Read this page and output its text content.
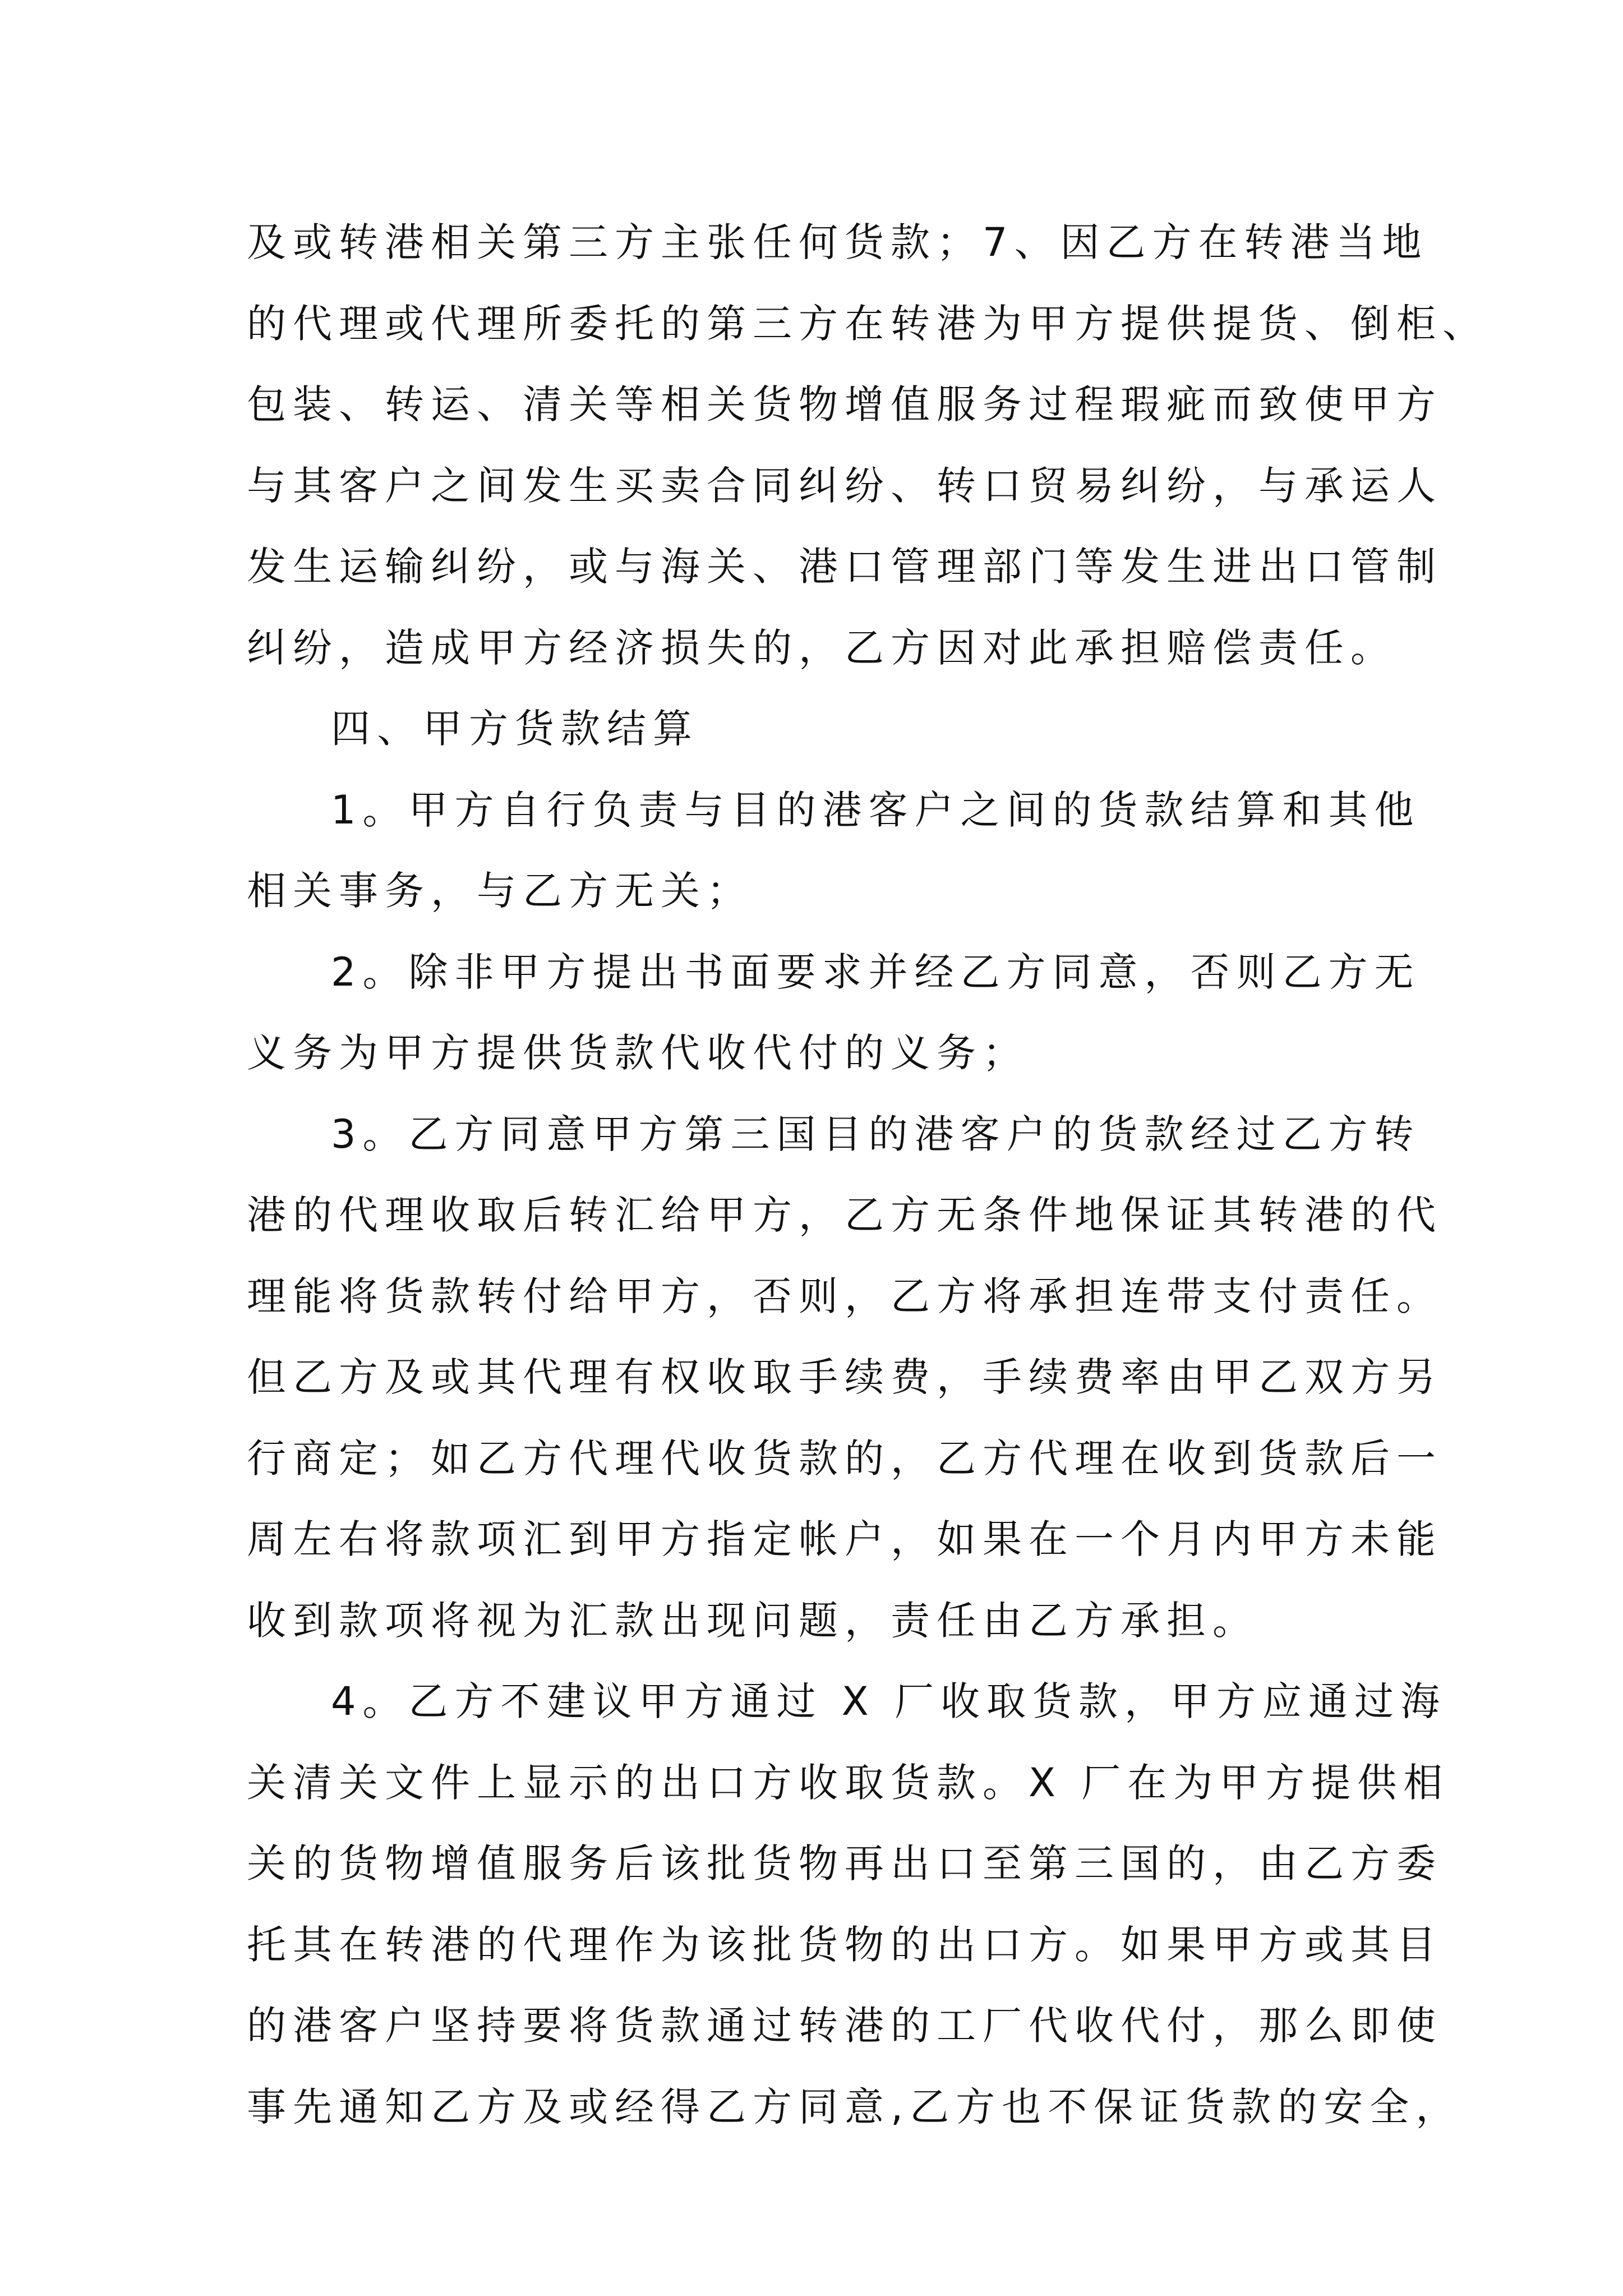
及或转港相关第三方主张任何货款；7、因乙方在转港当地
的代理或代理所委托的第三方在转港为甲方提供提货、倒柜、
包装、转运、清关等相关货物增值服务过程瑕疵而致使甲方
与其客户之间发生买卖合同纠纷、转口贸易纠纷，与承运人
发生运输纠纷，或与海关、港口管理部门等发生进出口管制
纠纷，造成甲方经济损失的，乙方因对此承担赔偿责任。
四、甲方货款结算
1。甲方自行负责与目的港客户之间的货款结算和其他
相关事务，与乙方无关；
2。除非甲方提出书面要求并经乙方同意，否则乙方无
义务为甲方提供货款代收代付的义务；
3。乙方同意甲方第三国目的港客户的货款经过乙方转
港的代理收取后转汇给甲方，乙方无条件地保证其转港的代
理能将货款转付给甲方，否则，乙方将承担连带支付责任。
但乙方及或其代理有权收取手续费，手续费率由甲乙双方另
行商定；如乙方代理代收货款的，乙方代理在收到货款后一
周左右将款项汇到甲方指定帐户，如果在一个月内甲方未能
收到款项将视为汇款出现问题，责任由乙方承担。
4。乙方不建议甲方通过 X 厂收取货款，甲方应通过海
关清关文件上显示的出口方收取货款。X 厂在为甲方提供相
关的货物增值服务后该批货物再出口至第三国的，由乙方委
托其在转港的代理作为该批货物的出口方。如果甲方或其目
的港客户坚持要将货款通过转港的工厂代收代付，那么即使
事先通知乙方及或经得乙方同意,乙方也不保证货款的安全，
